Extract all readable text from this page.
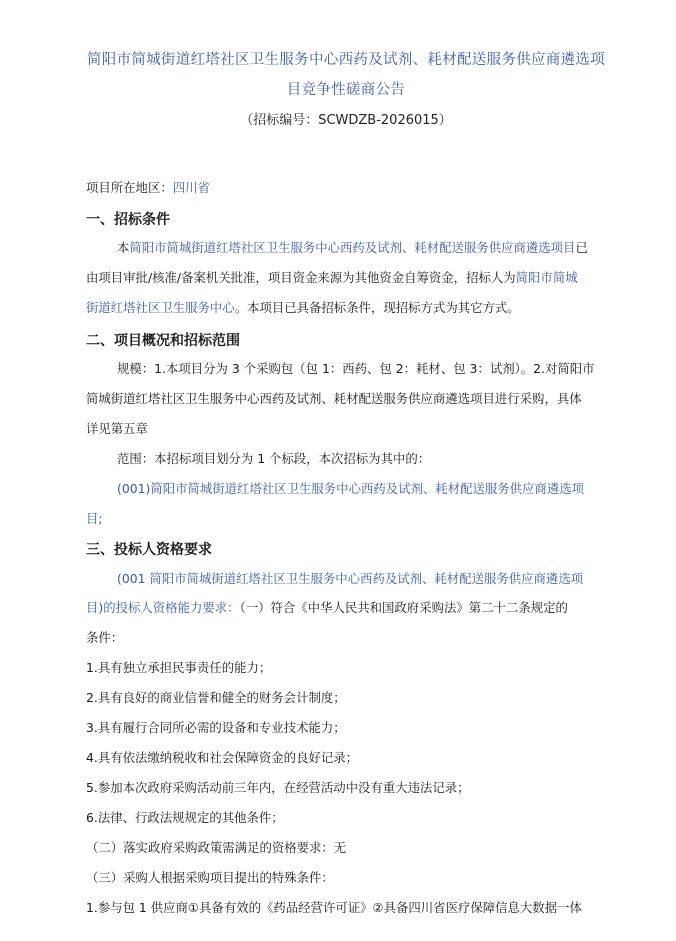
简阳市简城街道红塔社区卫生服务中心西药及试剂、耗材配送服务供应商遴选项
目竞争性磋商公告
（招标编号：SCWDZB-2026015）
项目所在地区：四川省
一、招标条件
本简阳市简城街道红塔社区卫生服务中心西药及试剂、耗材配送服务供应商遴选项目已
由项目审批/核准/备案机关批准，项目资金来源为其他资金自筹资金，招标人为简阳市简城
街道红塔社区卫生服务中心。本项目已具备招标条件，现招标方式为其它方式。
二、项目概况和招标范围
规模：1.本项目分为 3 个采购包（包 1：西药、包 2：耗材、包 3：试剂）。2.对简阳市
简城街道红塔社区卫生服务中心西药及试剂、耗材配送服务供应商遴选项目进行采购，具体
详见第五章
范围：本招标项目划分为 1 个标段，本次招标为其中的：
(001)简阳市简城街道红塔社区卫生服务中心西药及试剂、耗材配送服务供应商遴选项
目;
三、投标人资格要求
(001 简阳市简城街道红塔社区卫生服务中心西药及试剂、耗材配送服务供应商遴选项
目)的投标人资格能力要求：（一）符合《中华人民共和国政府采购法》第二十二条规定的
条件：
1.具有独立承担民事责任的能力；
2.具有良好的商业信誉和健全的财务会计制度；
3.具有履行合同所必需的设备和专业技术能力；
4.具有依法缴纳税收和社会保障资金的良好记录；
5.参加本次政府采购活动前三年内，在经营活动中没有重大违法记录；
6.法律、行政法规规定的其他条件；
（二）落实政府采购政策需满足的资格要求：无
（三）采购人根据采购项目提出的特殊条件：
1.参与包 1 供应商①具备有效的《药品经营许可证》②具备四川省医疗保障信息大数据一体
